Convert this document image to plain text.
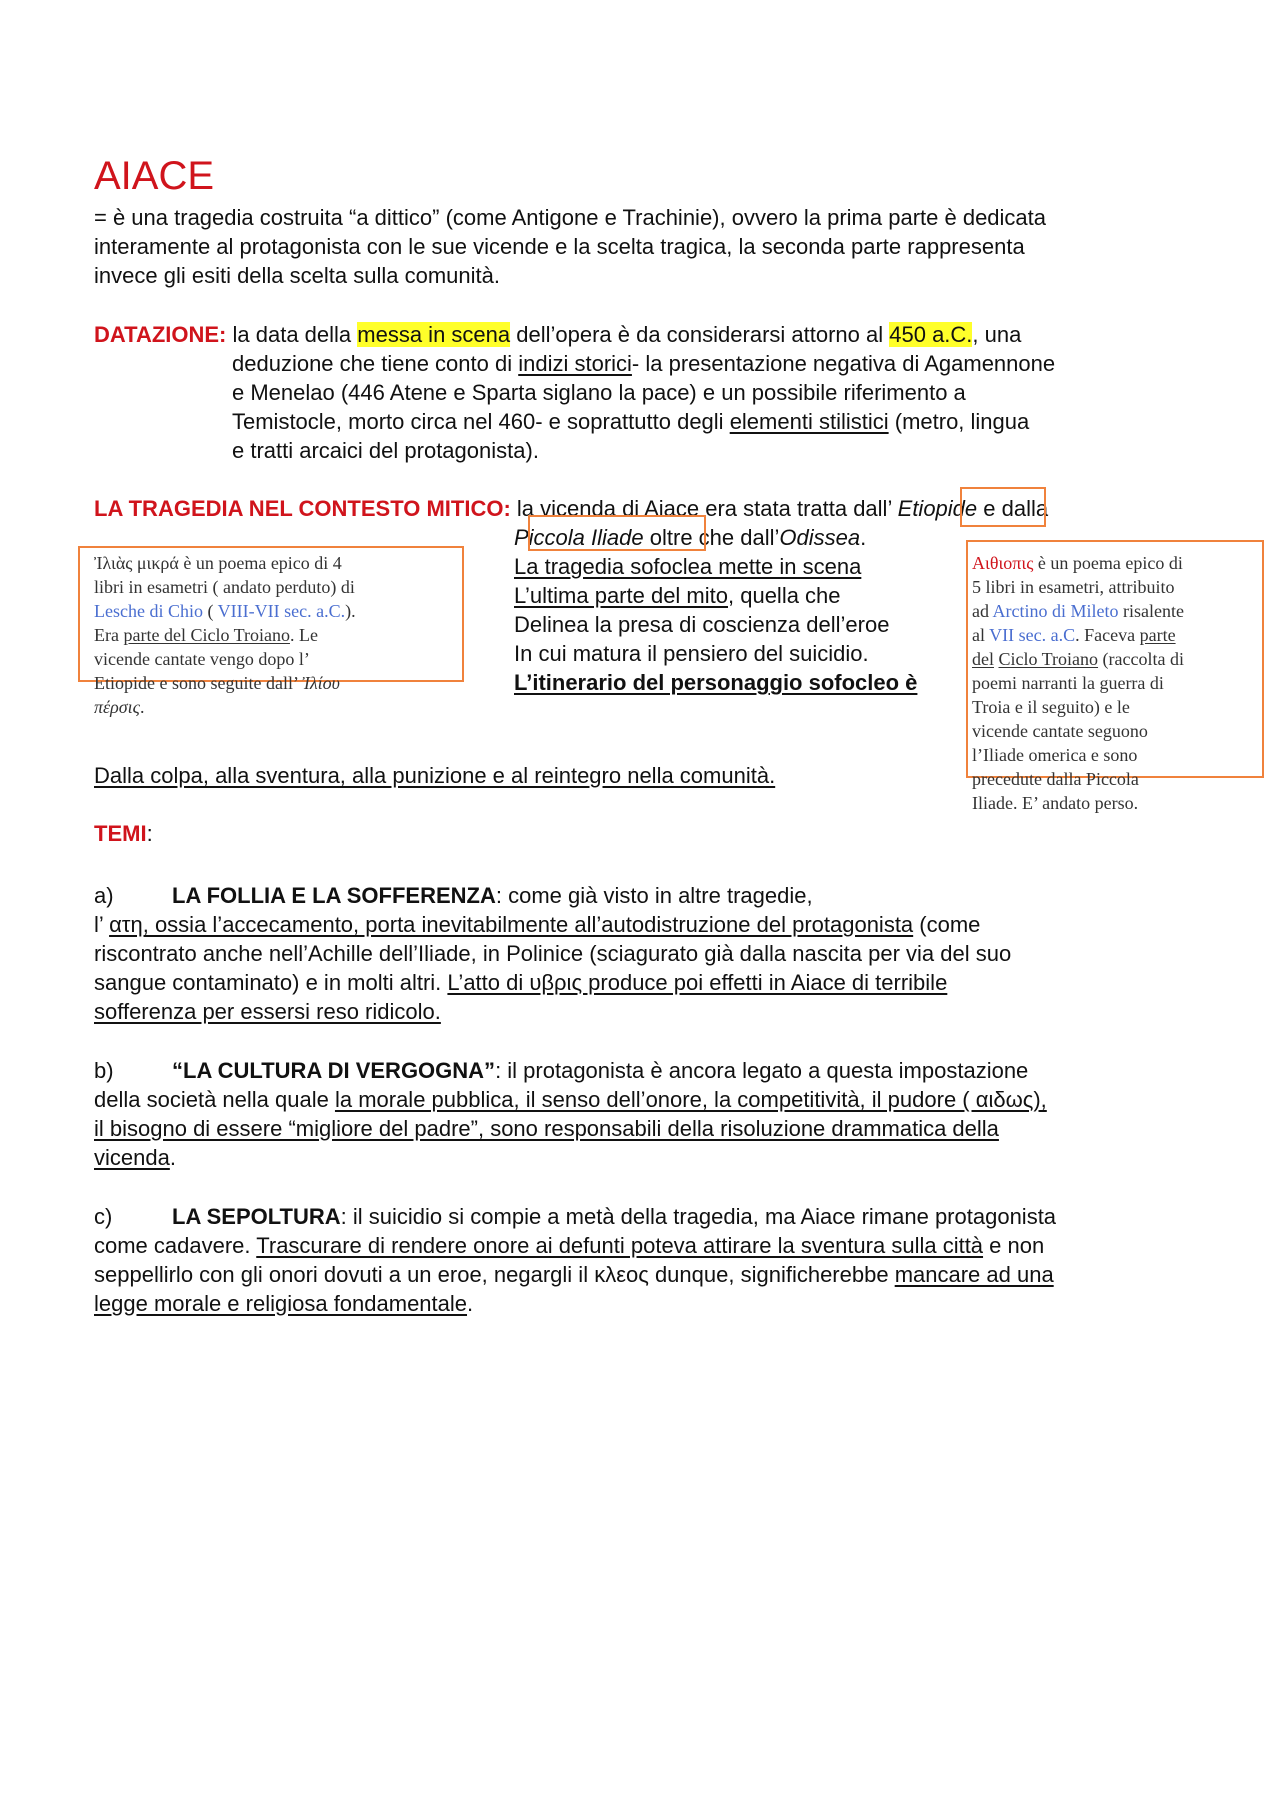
AIACE
= è una tragedia costruita “a dittico” (come Antigone e Trachinie), ovvero la prima parte è dedicata
interamente al protagonista con le sue vicende e la scelta tragica, la seconda parte rappresenta
invece gli esiti della scelta sulla comunità.
DATAZIONE: la data della messa in scena dell’opera è da considerarsi attorno al 450 a.C., una
deduzione che tiene conto di indizi storici- la presentazione negativa di Agamennone
e Menelao (446 Atene e Sparta siglano la pace) e un possibile riferimento a
Temistocle, morto circa nel 460- e soprattutto degli elementi stilistici (metro, lingua
e tratti arcaici del protagonista).
LA TRAGEDIA NEL CONTESTO MITICO: la vicenda di Aiace era stata tratta dall’ Etiopide e dalla
Piccola Iliade oltre che dall’Odissea.
La tragedia sofoclea mette in scena
L’ultima parte del mito, quella che
Delinea la presa di coscienza dell’eroe
In cui matura il pensiero del suicidio.
L’itinerario del personaggio sofocleo è
Ἰλιὰς μικρά è un poema epico di 4
libri in esametri ( andato perduto) di
Lesche di Chio ( VIII-VII sec. a.C.).
Era parte del Ciclo Troiano. Le
vicende cantate vengo dopo l’
Etiopide e sono seguite dall’ Ἰλίου
πέρσις.
Αιθιοπις è un poema epico di
5 libri in esametri, attribuito
ad Arctino di Mileto risalente
al VII sec. a.C. Faceva parte
del Ciclo Troiano (raccolta di
poemi narranti la guerra di
Troia e il seguito) e le
vicende cantate seguono
l’Iliade omerica e sono
precedute dalla Piccola
Iliade. E’ andato perso.
Dalla colpa, alla sventura, alla punizione e al reintegro nella comunità.
TEMI:
a)	LA FOLLIA E LA SOFFERENZA: come già visto in altre tragedie,
l’ ατη, ossia l’accecamento, porta inevitabilmente all’autodistruzione del protagonista (come
riscontrato anche nell’Achille dell’Iliade, in Polinice (sciagurato già dalla nascita per via del suo
sangue contaminato) e in molti altri. L’atto di υβρις produce poi effetti in Aiace di terribile
sofferenza per essersi reso ridicolo.
b)	“LA CULTURA DI VERGOGNA”: il protagonista è ancora legato a questa impostazione
della società nella quale la morale pubblica, il senso dell’onore, la competitività, il pudore ( αιδως),
il bisogno di essere “migliore del padre”, sono responsabili della risoluzione drammatica della
vicenda.
c)	LA SEPOLTURA: il suicidio si compie a metà della tragedia, ma Aiace rimane protagonista
come cadavere. Trascurare di rendere onore ai defunti poteva attirare la sventura sulla città e non
seppellirlo con gli onori dovuti a un eroe, negargli il κλεος dunque, significherebbe mancare ad una
legge morale e religiosa fondamentale.
